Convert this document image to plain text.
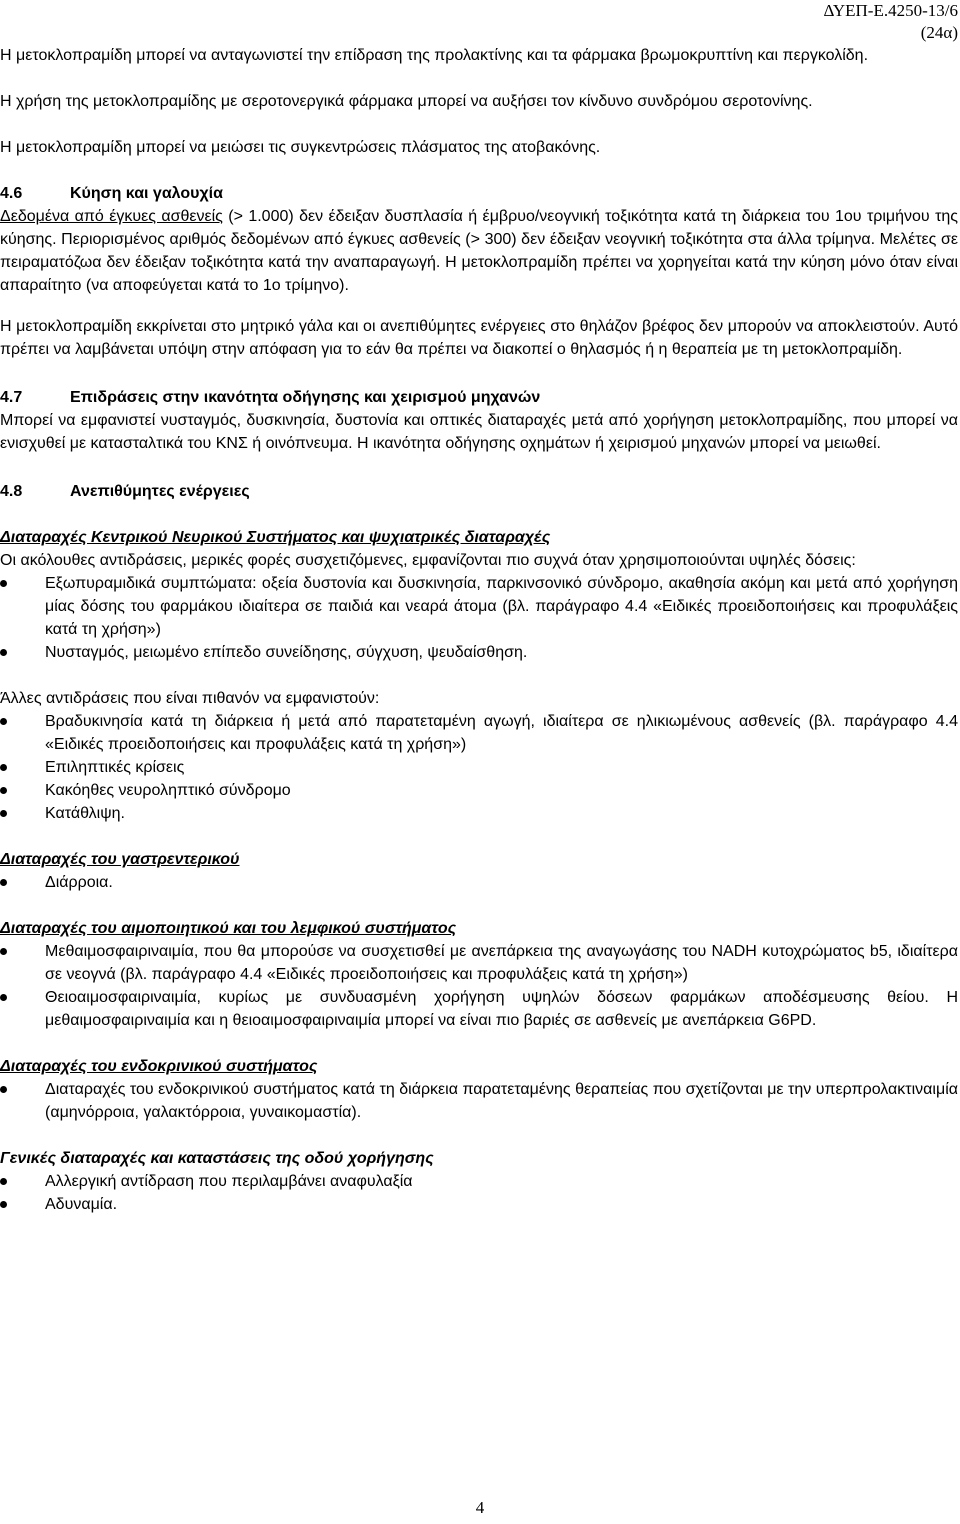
ΔΥΕΠ-Ε.4250-13/6
(24α)

Η μετοκλοπραμίδη μπορεί να ανταγωνιστεί την επίδραση της προλακτίνης και τα φάρμακα βρωμοκρυπτίνη και περγκολίδη.

Η χρήση της μετοκλοπραμίδης με σεροτονεργικά φάρμακα μπορεί να αυξήσει τον κίνδυνο συνδρόμου σεροτονίνης.

Η μετοκλοπραμίδη μπορεί να μειώσει τις συγκεντρώσεις πλάσματος της ατοβακόνης.

4.6	Κύηση και γαλουχία

Δεδομένα από έγκυες ασθενείς (> 1.000) δεν έδειξαν δυσπλασία ή έμβρυο/νεογνική τοξικότητα κατά τη διάρκεια του 1ου τριμήνου της κύησης. Περιορισμένος αριθμός δεδομένων από έγκυες ασθενείς (> 300) δεν έδειξαν νεογνική τοξικότητα στα άλλα τρίμηνα. Μελέτες σε πειραματόζωα δεν έδειξαν τοξικότητα κατά την αναπαραγωγή. Η μετοκλοπραμίδη πρέπει να χορηγείται κατά την κύηση μόνο όταν είναι απαραίτητο (να αποφεύγεται κατά το 1ο τρίμηνο).

Η μετοκλοπραμίδη εκκρίνεται στο μητρικό γάλα και οι ανεπιθύμητες ενέργειες στο θηλάζον βρέφος δεν μπορούν να αποκλειστούν. Αυτό πρέπει να λαμβάνεται υπόψη στην απόφαση για το εάν θα πρέπει να διακοπεί ο θηλασμός ή η θεραπεία με τη μετοκλοπραμίδη.

4.7	Επιδράσεις στην ικανότητα οδήγησης και χειρισμού μηχανών

Μπορεί να εμφανιστεί νυσταγμός, δυσκινησία, δυστονία και οπτικές διαταραχές μετά από χορήγηση μετοκλοπραμίδης, που μπορεί να ενισχυθεί με κατασταλτικά του ΚΝΣ ή οινόπνευμα. Η ικανότητα οδήγησης οχημάτων ή χειρισμού μηχανών μπορεί να μειωθεί.

4.8	Ανεπιθύμητες ενέργειες
Διαταραχές Κεντρικού Νευρικού Συστήματος και ψυχιατρικές διαταραχές

Οι ακόλουθες αντιδράσεις, μερικές φορές συσχετιζόμενες, εμφανίζονται πιο συχνά όταν χρησιμοποιούνται υψηλές δόσεις:

Εξωπυραμιδικά συμπτώματα: οξεία δυστονία και δυσκινησία, παρκινσονικό σύνδρομο, ακαθησία ακόμη και μετά από χορήγηση μίας δόσης του φαρμάκου ιδιαίτερα σε παιδιά και νεαρά άτομα (βλ. παράγραφο 4.4 «Ειδικές προειδοποιήσεις και προφυλάξεις κατά τη χρήση»)
Νυσταγμός, μειωμένο επίπεδο συνείδησης, σύγχυση, ψευδαίσθηση.

Άλλες αντιδράσεις που είναι πιθανόν να εμφανιστούν:

Βραδυκινησία κατά τη διάρκεια ή μετά από παρατεταμένη αγωγή, ιδιαίτερα σε ηλικιωμένους ασθενείς (βλ. παράγραφο 4.4 «Ειδικές προειδοποιήσεις και προφυλάξεις κατά τη χρήση»)
Επιληπτικές κρίσεις
Κακόηθες νευροληπτικό σύνδρομο
Κατάθλιψη.
Διαταραχές του γαστρεντερικού
Διάρροια.
Διαταραχές του αιμοποιητικού και του λεμφικού συστήματος
Μεθαιμοσφαιριναιμία, που θα μπορούσε να συσχετισθεί με ανεπάρκεια της αναγωγάσης του NADH κυτοχρώματος b5, ιδιαίτερα σε νεογνά (βλ. παράγραφο 4.4 «Ειδικές προειδοποιήσεις και προφυλάξεις κατά τη χρήση»)
Θειοαιμοσφαιριναιμία, κυρίως με συνδυασμένη χορήγηση υψηλών δόσεων φαρμάκων αποδέσμευσης θείου. Η μεθαιμοσφαιριναιμία και η θειοαιμοσφαιριναιμία μπορεί να είναι πιο βαριές σε ασθενείς με ανεπάρκεια G6PD.
Διαταραχές του ενδοκρινικού συστήματος
Διαταραχές του ενδοκρινικού συστήματος κατά τη διάρκεια παρατεταμένης θεραπείας που σχετίζονται με την υπερπρολακτιναιμία (αμηνόρροια, γαλακτόρροια, γυναικομαστία).
Γενικές διαταραχές και καταστάσεις της οδού χορήγησης
Αλλεργική αντίδραση που περιλαμβάνει αναφυλαξία
Αδυναμία.
4
